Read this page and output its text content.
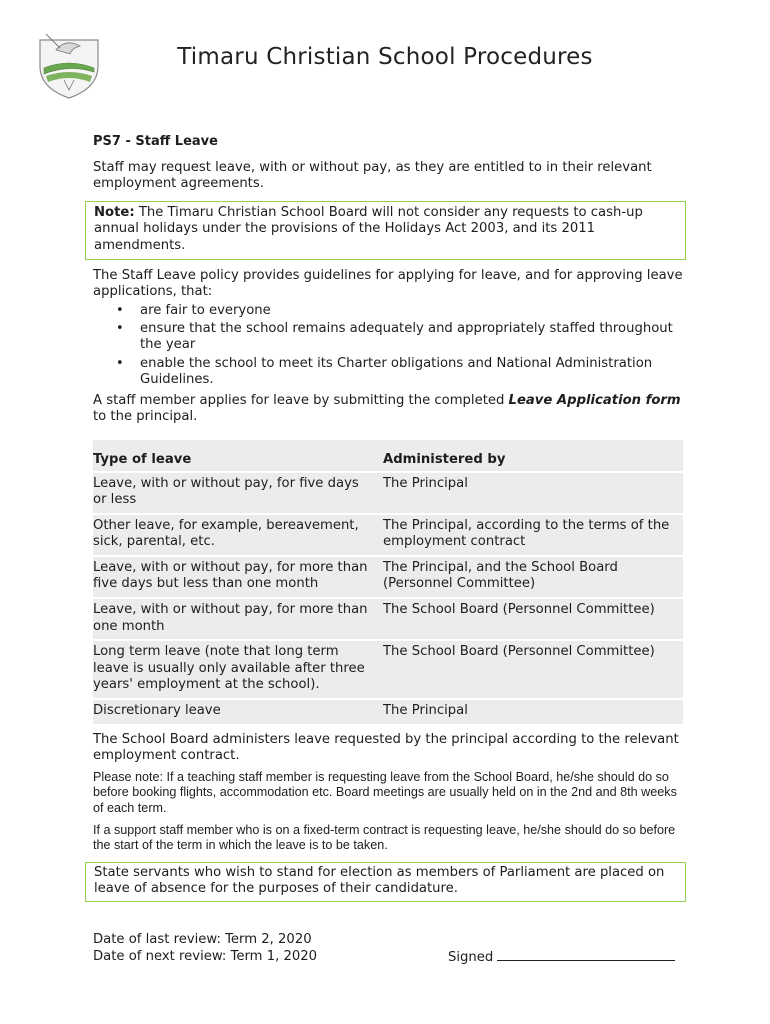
Timaru Christian School Procedures
PS7 - Staff Leave

Staff may request leave, with or without pay, as they are entitled to in their relevant employment agreements.

Note: The Timaru Christian School Board will not consider any requests to cash-up annual holidays under the provisions of the Holidays Act 2003, and its 2011 amendments.

The Staff Leave policy provides guidelines for applying for leave, and for approving leave applications, that:

• are fair to everyone
• ensure that the school remains adequately and appropriately staffed throughout the year
• enable the school to meet its Charter obligations and National Administration Guidelines.

A staff member applies for leave by submitting the completed Leave Application form to the principal.

Type of leave	Administered by
Leave, with or without pay, for five days or less	The Principal
Other leave, for example, bereavement, sick, parental, etc.	The Principal, according to the terms of the employment contract
Leave, with or without pay, for more than five days but less than one month	The Principal, and the School Board (Personnel Committee)
Leave, with or without pay, for more than one month	The School Board (Personnel Committee)
Long term leave (note that long term leave is usually only available after three years' employment at the school).	The School Board (Personnel Committee)
Discretionary leave	The Principal

The School Board administers leave requested by the principal according to the relevant employment contract.

Please note: If a teaching staff member is requesting leave from the School Board, he/she should do so before booking flights, accommodation etc. Board meetings are usually held on in the 2nd and 8th weeks of each term.

If a support staff member who is on a fixed-term contract is requesting leave, he/she should do so before the start of the term in which the leave is to be taken.

State servants who wish to stand for election as members of Parliament are placed on leave of absence for the purposes of their candidature.
Date of last review: Term 2, 2020
Date of next review: Term 1, 2020	Signed
